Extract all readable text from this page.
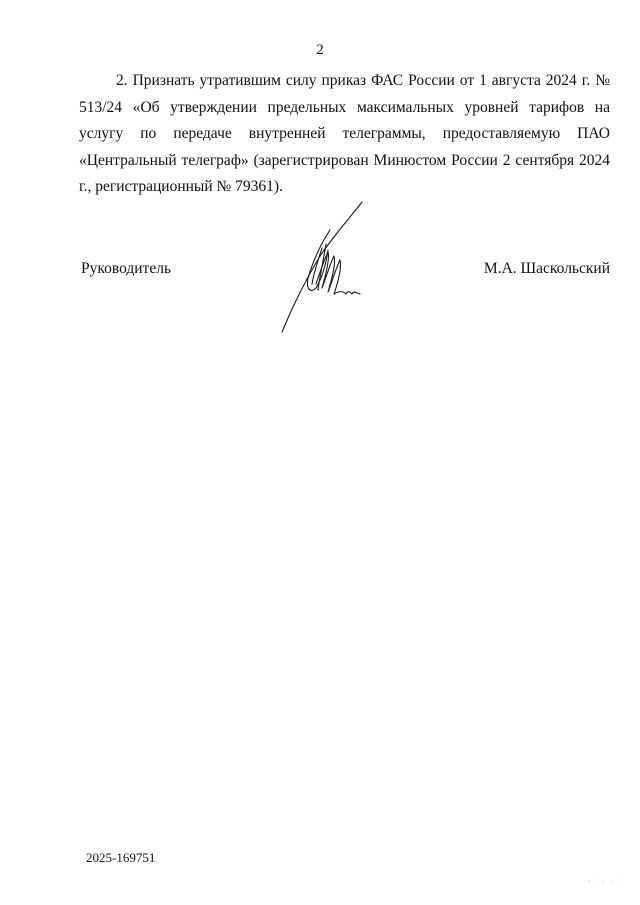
2

2. Признать утратившим силу приказ ФАС России от 1 августа 2024 г. № 513/24 «Об утверждении предельных максимальных уровней тарифов на услугу по передаче внутренней телеграммы, предоставляемую ПАО «Центральный телеграф» (зарегистрирован Минюстом России 2 сентября 2024 г., регистрационный № 79361).

Руководитель	М.А. Шаскольский
2025-169751
